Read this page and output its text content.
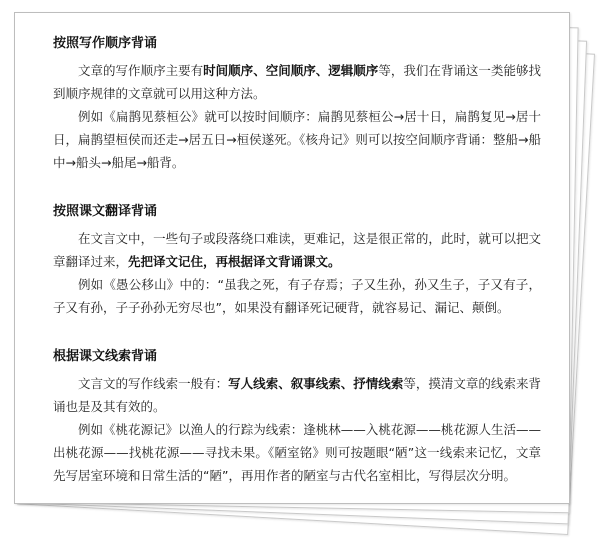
按照写作顺序背诵

文章的写作顺序主要有时间顺序、空间顺序、逻辑顺序等，我们在背诵这一类能够找到顺序规律的文章就可以用这种方法。

例如《扁鹊见蔡桓公》就可以按时间顺序：扁鹊见蔡桓公→居十日，扁鹊复见→居十日，扁鹊望桓侯而还走→居五日→桓侯遂死。《核舟记》则可以按空间顺序背诵：整船→船中→船头→船尾→船背。

按照课文翻译背诵

在文言文中，一些句子或段落绕口难读，更难记，这是很正常的，此时，就可以把文章翻译过来，先把译文记住，再根据译文背诵课文。

例如《愚公移山》中的：“虽我之死，有子存焉；子又生孙，孙又生子，子又有子，子又有孙，子子孙孙无穷尽也”，如果没有翻译死记硬背，就容易记、漏记、颠倒。

根据课文线索背诵

文言文的写作线索一般有：写人线索、叙事线索、抒情线索等，摸清文章的线索来背诵也是及其有效的。

例如《桃花源记》以渔人的行踪为线索：逢桃林——入桃花源——桃花源人生活——出桃花源——找桃花源——寻找未果。《陋室铭》则可按题眼“陋”这一线索来记忆，文章先写居室环境和日常生活的“陋”，再用作者的陋室与古代名室相比，写得层次分明。
